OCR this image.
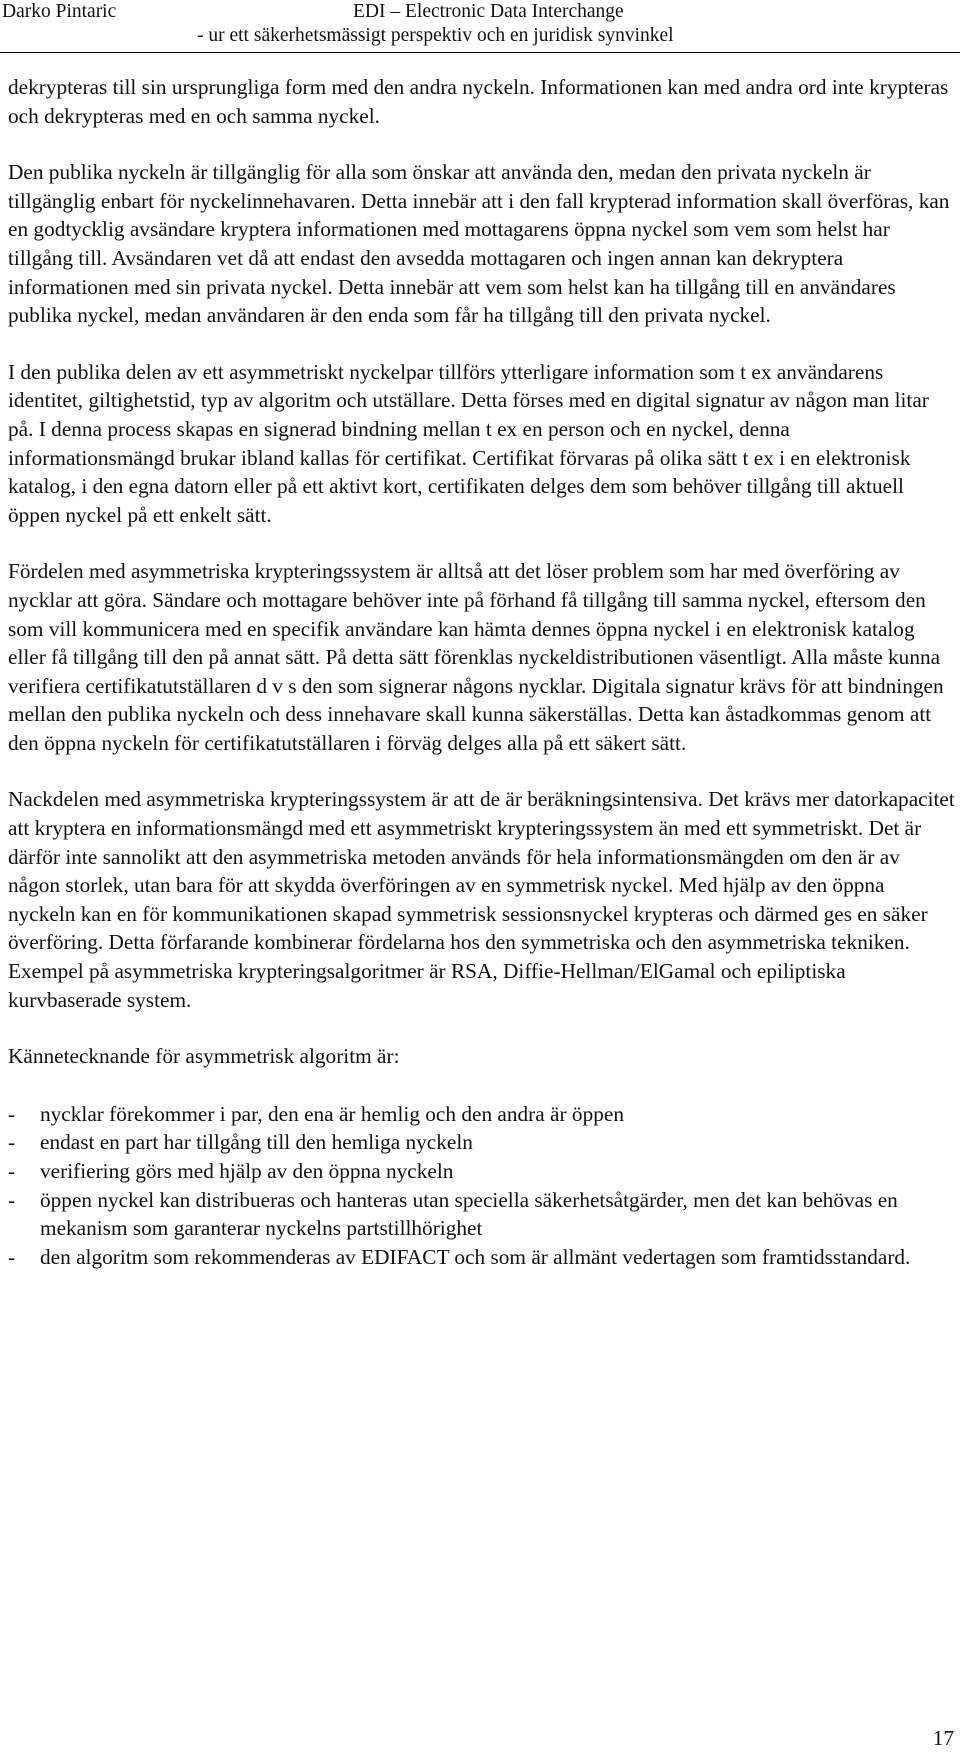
Darko Pintaric	EDI – Electronic Data Interchange
- ur ett säkerhetsmässigt perspektiv och en juridisk synvinkel

dekrypteras till sin ursprungliga form med den andra nyckeln. Informationen kan med andra ord inte krypteras och dekrypteras med en och samma nyckel.

Den publika nyckeln är tillgänglig för alla som önskar att använda den, medan den privata nyckeln är tillgänglig enbart för nyckelinnehavaren. Detta innebär att i den fall krypterad information skall överföras, kan en godtycklig avsändare kryptera informationen med mottagarens öppna nyckel som vem som helst har tillgång till. Avsändaren vet då att endast den avsedda mottagaren och ingen annan kan dekryptera informationen med sin privata nyckel. Detta innebär att vem som helst kan ha tillgång till en användares publika nyckel, medan användaren är den enda som får ha tillgång till den privata nyckel.

I den publika delen av ett asymmetriskt nyckelpar tillförs ytterligare information som t ex användarens identitet, giltighetstid, typ av algoritm och utställare. Detta förses med en digital signatur av någon man litar på. I denna process skapas en signerad bindning mellan t ex en person och en nyckel, denna informationsmängd brukar ibland kallas för certifikat. Certifikat förvaras på olika sätt t ex i en elektronisk katalog, i den egna datorn eller på ett aktivt kort, certifikaten delges dem som behöver tillgång till aktuell öppen nyckel på ett enkelt sätt.

Fördelen med asymmetriska krypteringssystem är alltså att det löser problem som har med överföring av nycklar att göra. Sändare och mottagare behöver inte på förhand få tillgång till samma nyckel, eftersom den som vill kommunicera med en specifik användare kan hämta dennes öppna nyckel i en elektronisk katalog eller få tillgång till den på annat sätt. På detta sätt förenklas nyckeldistributionen väsentligt. Alla måste kunna verifiera certifikatutställaren d v s den som signerar någons nycklar. Digitala signatur krävs för att bindningen mellan den publika nyckeln och dess innehavare skall kunna säkerställas. Detta kan åstadkommas genom att den öppna nyckeln för certifikatutställaren i förväg delges alla på ett säkert sätt.

Nackdelen med asymmetriska krypteringssystem är att de är beräkningsintensiva. Det krävs mer datorkapacitet att kryptera en informationsmängd med ett asymmetriskt krypteringssystem än med ett symmetriskt. Det är därför inte sannolikt att den asymmetriska metoden används för hela informationsmängden om den är av någon storlek, utan bara för att skydda överföringen av en symmetrisk nyckel. Med hjälp av den öppna nyckeln kan en för kommunikationen skapad symmetrisk sessionsnyckel krypteras och därmed ges en säker överföring. Detta förfarande kombinerar fördelarna hos den symmetriska och den asymmetriska tekniken. Exempel på asymmetriska krypteringsalgoritmer är RSA, Diffie-Hellman/ElGamal och epiliptiska kurvbaserade system.

Kännetecknande för asymmetrisk algoritm är:

- nycklar förekommer i par, den ena är hemlig och den andra är öppen
- endast en part har tillgång till den hemliga nyckeln
- verifiering görs med hjälp av den öppna nyckeln
- öppen nyckel kan distribueras och hanteras utan speciella säkerhetsåtgärder, men det kan behövas en mekanism som garanterar nyckelns partstillhörighet
- den algoritm som rekommenderas av EDIFACT och som är allmänt vedertagen som framtidsstandard.
17
